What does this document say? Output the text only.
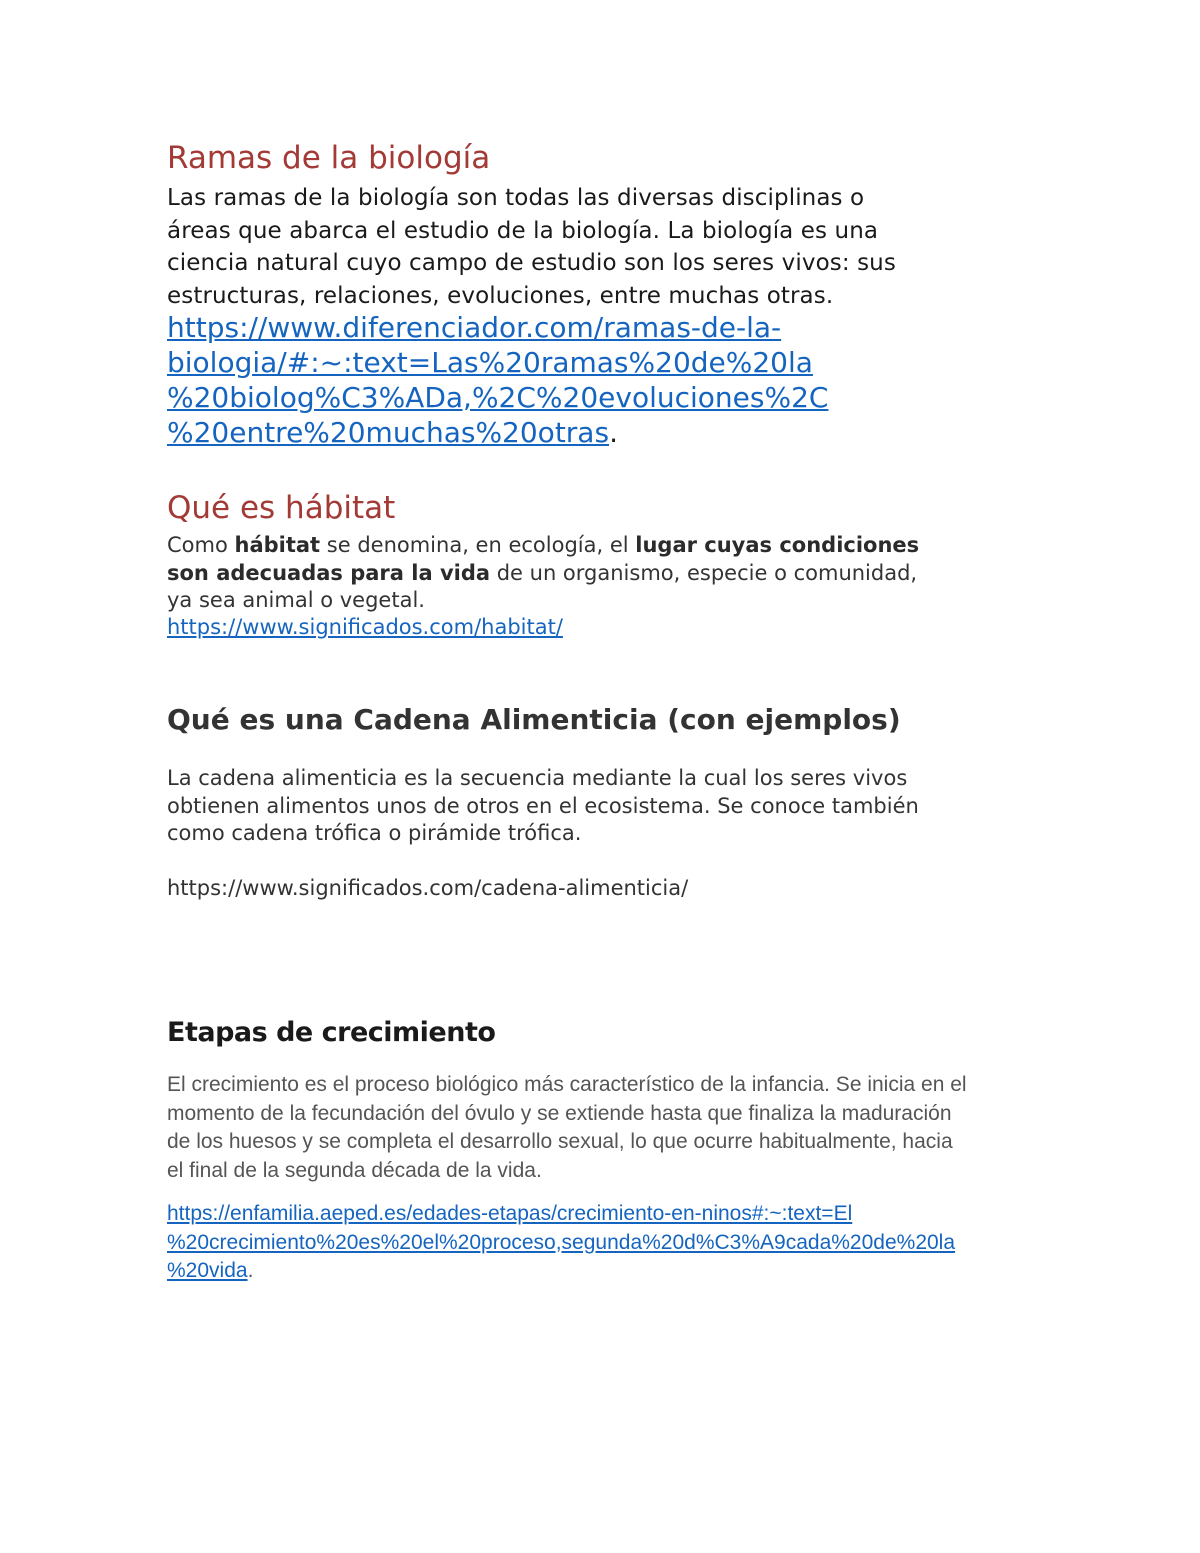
Ramas de la biología
Las ramas de la biología son todas las diversas disciplinas o
áreas que abarca el estudio de la biología. La biología es una
ciencia natural cuyo campo de estudio son los seres vivos: sus
estructuras, relaciones, evoluciones, entre muchas otras.
https://www.diferenciador.com/ramas-de-la-
biologia/#:~:text=Las%20ramas%20de%20la
%20biolog%C3%ADa,%2C%20evoluciones%2C
%20entre%20muchas%20otras.
Qué es hábitat
Como hábitat se denomina, en ecología, el lugar cuyas condiciones
son adecuadas para la vida de un organismo, especie o comunidad,
ya sea animal o vegetal.
https://www.significados.com/habitat/
Qué es una Cadena Alimenticia (con ejemplos)
La cadena alimenticia es la secuencia mediante la cual los seres vivos
obtienen alimentos unos de otros en el ecosistema. Se conoce también
como cadena trófica o pirámide trófica.
https://www.significados.com/cadena-alimenticia/
Etapas de crecimiento
El crecimiento es el proceso biológico más característico de la infancia. Se inicia en el
momento de la fecundación del óvulo y se extiende hasta que finaliza la maduración
de los huesos y se completa el desarrollo sexual, lo que ocurre habitualmente, hacia
el final de la segunda década de la vida.
https://enfamilia.aeped.es/edades-etapas/crecimiento-en-ninos#:~:text=El
%20crecimiento%20es%20el%20proceso,segunda%20d%C3%A9cada%20de%20la
%20vida.
